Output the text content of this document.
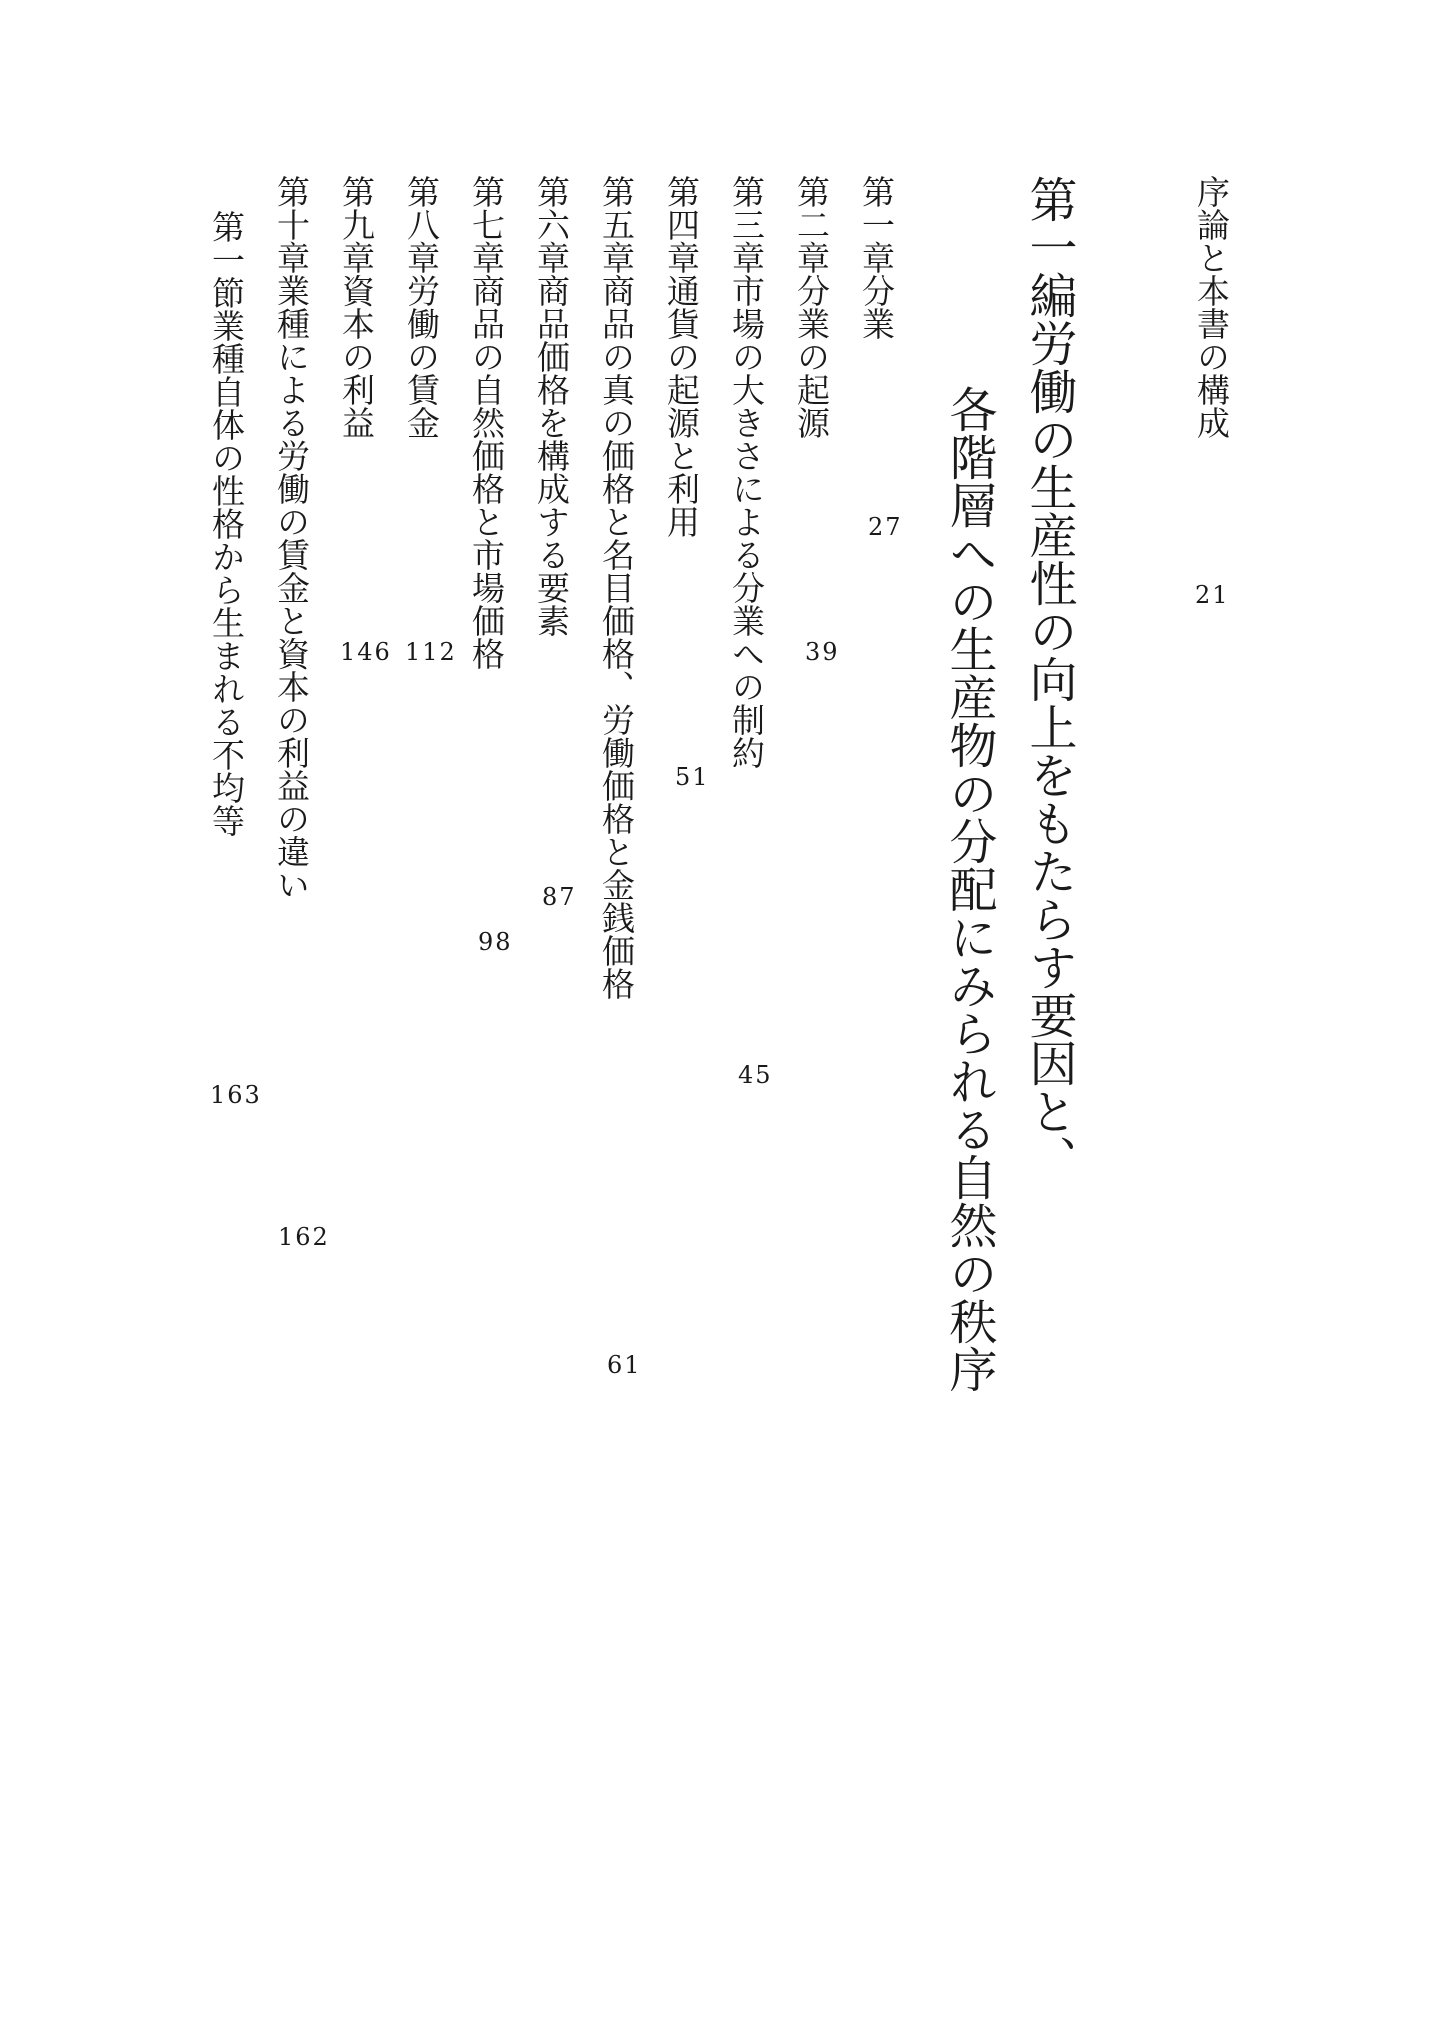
序論と本書の構成
21
第一編労働の生産性の向上をもたらす要因と、
各階層への生産物の分配にみられる自然の秩序
第一章分業
27
第二章分業の起源
39
第三章市場の大きさによる分業への制約
45
第四章通貨の起源と利用
51
第五章商品の真の価格と名目価格、労働価格と金銭価格
61
第六章商品価格を構成する要素
87
第七章商品の自然価格と市場価格
98
第八章労働の賃金
112
第九章資本の利益
146
第十章業種による労働の賃金と資本の利益の違い
162
第一節業種自体の性格から生まれる不均等
163
